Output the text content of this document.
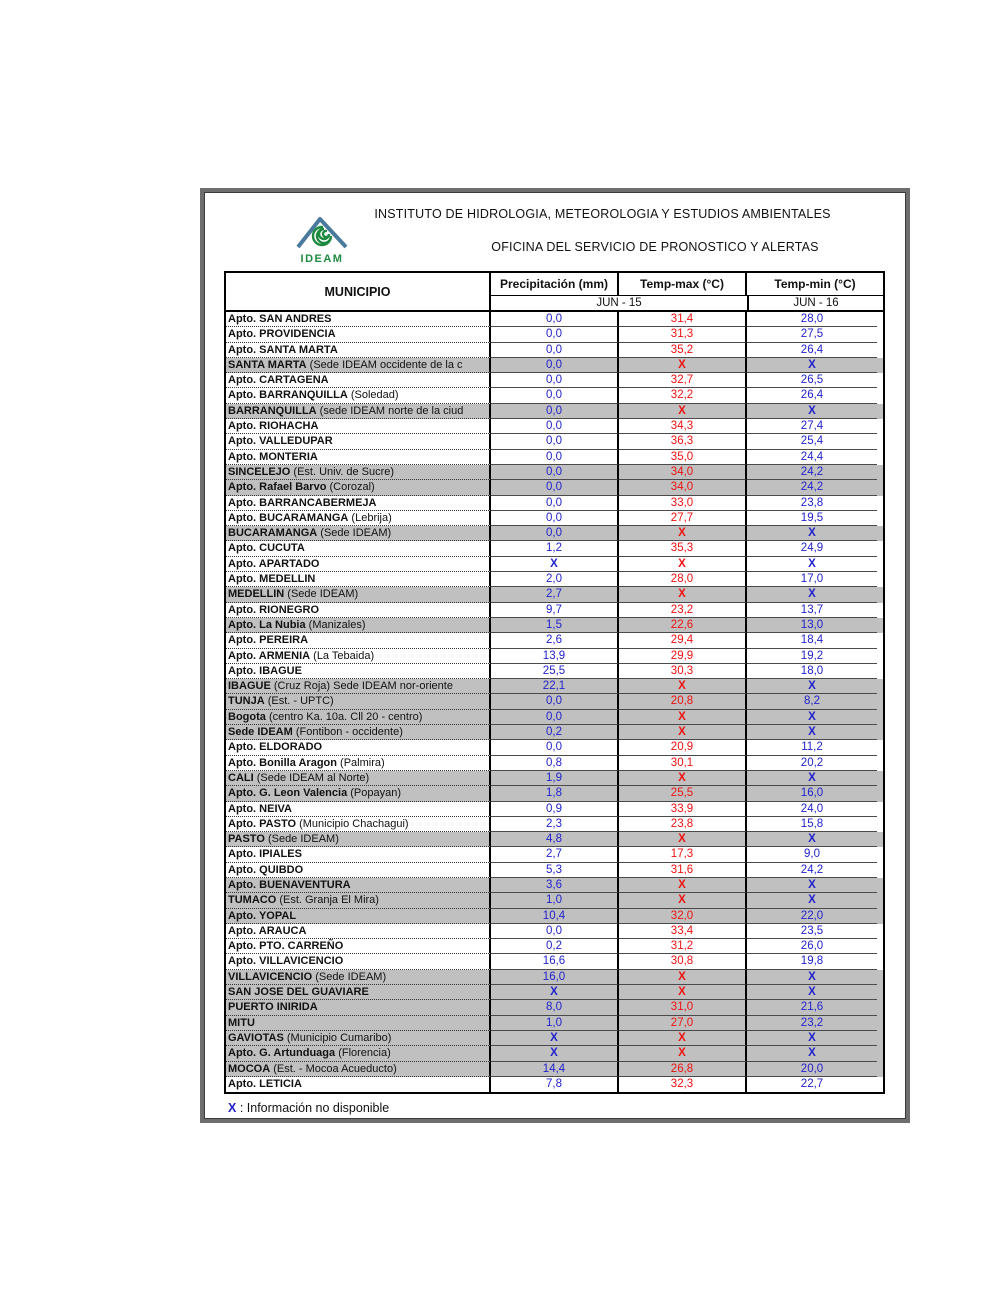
INSTITUTO DE HIDROLOGIA, METEOROLOGIA Y ESTUDIOS AMBIENTALES
OFICINA DEL SERVICIO DE PRONOSTICO Y ALERTAS
IDEAM
MUNICIPIO
Precipitación (mm)	Temp-max (°C)	Temp-min (°C)
JUN - 15	JUN - 16
Apto. SAN ANDRES	0,0	31,4	28,0
Apto. PROVIDENCIA	0,0	31,3	27,5
Apto. SANTA MARTA	0,0	35,2	26,4
SANTA MARTA (Sede IDEAM occidente de la c	0,0	X	X
Apto. CARTAGENA	0,0	32,7	26,5
Apto. BARRANQUILLA (Soledad)	0,0	32,2	26,4
BARRANQUILLA (sede IDEAM norte de la ciud	0,0	X	X
Apto. RIOHACHA	0,0	34,3	27,4
Apto. VALLEDUPAR	0,0	36,3	25,4
Apto. MONTERIA	0,0	35,0	24,4
SINCELEJO (Est. Univ. de Sucre)	0,0	34,0	24,2
Apto. Rafael Barvo (Corozal)	0,0	34,0	24,2
Apto. BARRANCABERMEJA	0,0	33,0	23,8
Apto. BUCARAMANGA (Lebrija)	0,0	27,7	19,5
BUCARAMANGA (Sede IDEAM)	0,0	X	X
Apto. CUCUTA	1,2	35,3	24,9
Apto. APARTADO	X	X	X
Apto. MEDELLIN	2,0	28,0	17,0
MEDELLIN (Sede IDEAM)	2,7	X	X
Apto. RIONEGRO	9,7	23,2	13,7
Apto. La Nubia (Manizales)	1,5	22,6	13,0
Apto. PEREIRA	2,6	29,4	18,4
Apto. ARMENIA (La Tebaida)	13,9	29,9	19,2
Apto. IBAGUE	25,5	30,3	18,0
IBAGUE (Cruz Roja) Sede IDEAM nor-oriente	22,1	X	X
TUNJA (Est. - UPTC)	0,0	20,8	8,2
Bogota (centro Ka. 10a. Cll 20 - centro)	0,0	X	X
Sede IDEAM (Fontibon - occidente)	0,2	X	X
Apto. ELDORADO	0,0	20,9	11,2
Apto. Bonilla Aragon (Palmira)	0,8	30,1	20,2
CALI (Sede IDEAM al Norte)	1,9	X	X
Apto. G. Leon Valencia (Popayan)	1,8	25,5	16,0
Apto. NEIVA	0,9	33,9	24,0
Apto. PASTO (Municipio Chachagui)	2,3	23,8	15,8
PASTO (Sede IDEAM)	4,8	X	X
Apto. IPIALES	2,7	17,3	9,0
Apto. QUIBDO	5,3	31,6	24,2
Apto. BUENAVENTURA	3,6	X	X
TUMACO (Est. Granja El Mira)	1,0	X	X
Apto. YOPAL	10,4	32,0	22,0
Apto. ARAUCA	0,0	33,4	23,5
Apto. PTO. CARREÑO	0,2	31,2	26,0
Apto. VILLAVICENCIO	16,6	30,8	19,8
VILLAVICENCIO (Sede IDEAM)	16,0	X	X
SAN JOSE DEL GUAVIARE	X	X	X
PUERTO INIRIDA	8,0	31,0	21,6
MITU	1,0	27,0	23,2
GAVIOTAS (Municipio Cumaribo)	X	X	X
Apto. G. Artunduaga (Florencia)	X	X	X
MOCOA (Est. - Mocoa Acueducto)	14,4	26,8	20,0
Apto. LETICIA	7,8	32,3	22,7
X : Información no disponible
